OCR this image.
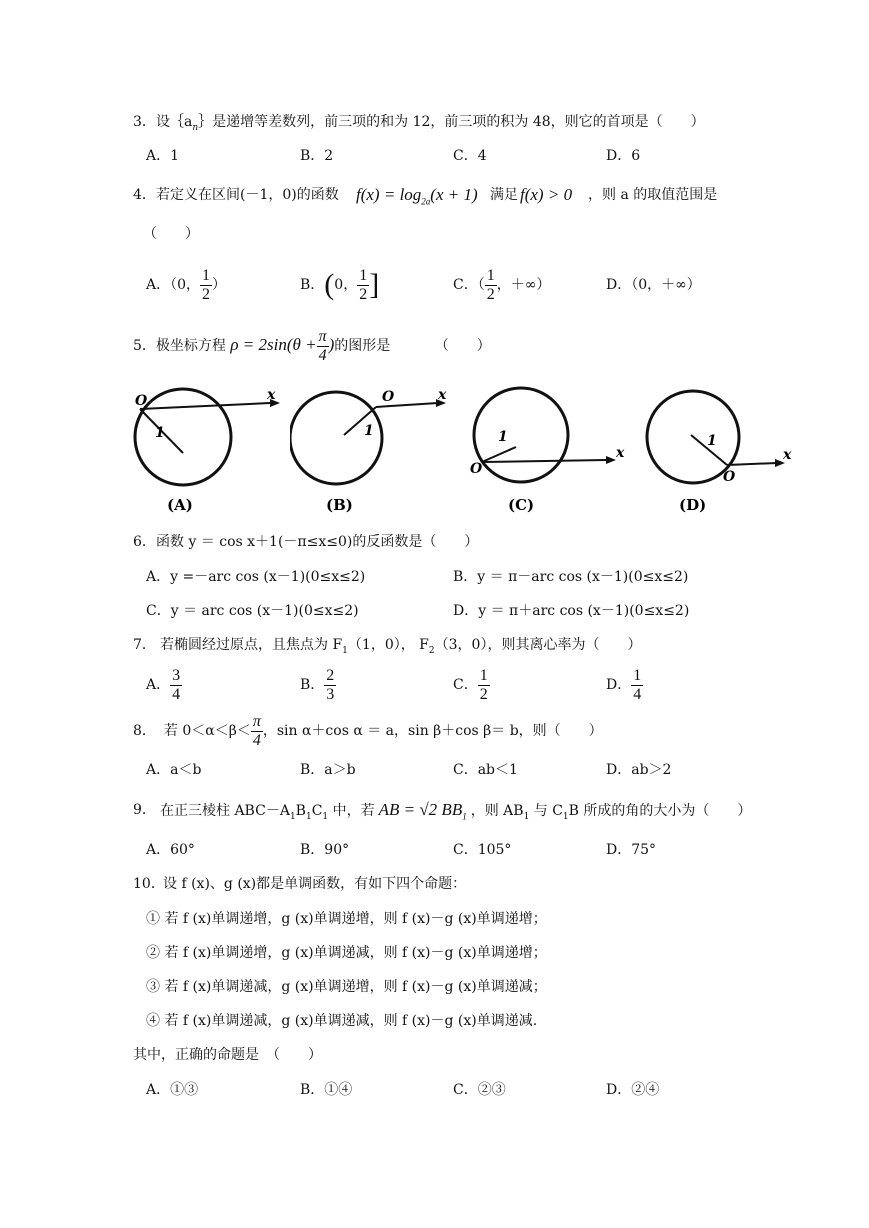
3． 设$\{a_n\}$是递增等差数列，前三项的和为 12，前三项的积为 48，则它的首项是（　　）
A．1	B．2	C．4	D．6
4． 若定义在区间(－1，0)的函数 $f(x) = \log_{2a}(x + 1)$ 满足 f(x) > 0 ，则 a 的取值范围是
（　　）
A．（0， $\frac{1}{2}$ ）	B．(0， $\frac{1}{2}$ ]	C．（ $\frac{1}{2}$ ，＋∞）	D．（0，＋∞）
5．极坐标方程 $\rho = 2\sin(\theta + \frac{\pi}{4}$ )的图形是	（　　）
O	x
1
(A)
O	x
1
(B)
O
x
1
(C)
O
x
1
(D)
6． 函数 y ＝ cos x＋1(－π≤x≤0)的反函数是（　　）
A．y =－arc cos (x－1)(0≤x≤2)	B．y ＝ π－arc cos (x－1)(0≤x≤2)
C．y ＝ arc cos (x－1)(0≤x≤2)	D．y ＝ π＋arc cos (x－1)(0≤x≤2)
7． 若椭圆经过原点，且焦点为 $F_1(1$，0）， $F_2(3$，0），则其离心率为（　　）
A． $\frac{3}{4}$	B． $\frac{2}{3}$	C． $\frac{1}{2}$	D． $\frac{1}{4}$
8． 若 $0<\alpha<\beta< \frac{\pi}{4}$ ，sin α＋cos α ＝ a，sin β＋cos β＝ b，则（　　）
A．a＜b	B．a＞b	C．ab＜1	D．ab＞2
9． 在正三棱柱 $ABC-A_1B_1C_1$ 中，若 AB = √2 $BB_1$ ，则 $AB_1$ 与 $C_1B$ 所成的角的大小为（　　）
A．60°	B．90°	C．105°	D．75°
10．
设 f (x)、g (x)都是单调函数，有如下四个命题：
① 若 f (x)单调递增，g (x)单调递增，则 f (x)－g (x)单调递增；
② 若 f (x)单调递增，g (x)单调递减，则 f (x)－g (x)单调递增；
③ 若 f (x)单调递减，g (x)单调递增，则 f (x)－g (x)单调递减；
④ 若 f (x)单调递减，g (x)单调递减，则 f (x)－g (x)单调递减.
其中，正确的命题是　（　　）
A．①③	B．①④	C．②③	D．②④
